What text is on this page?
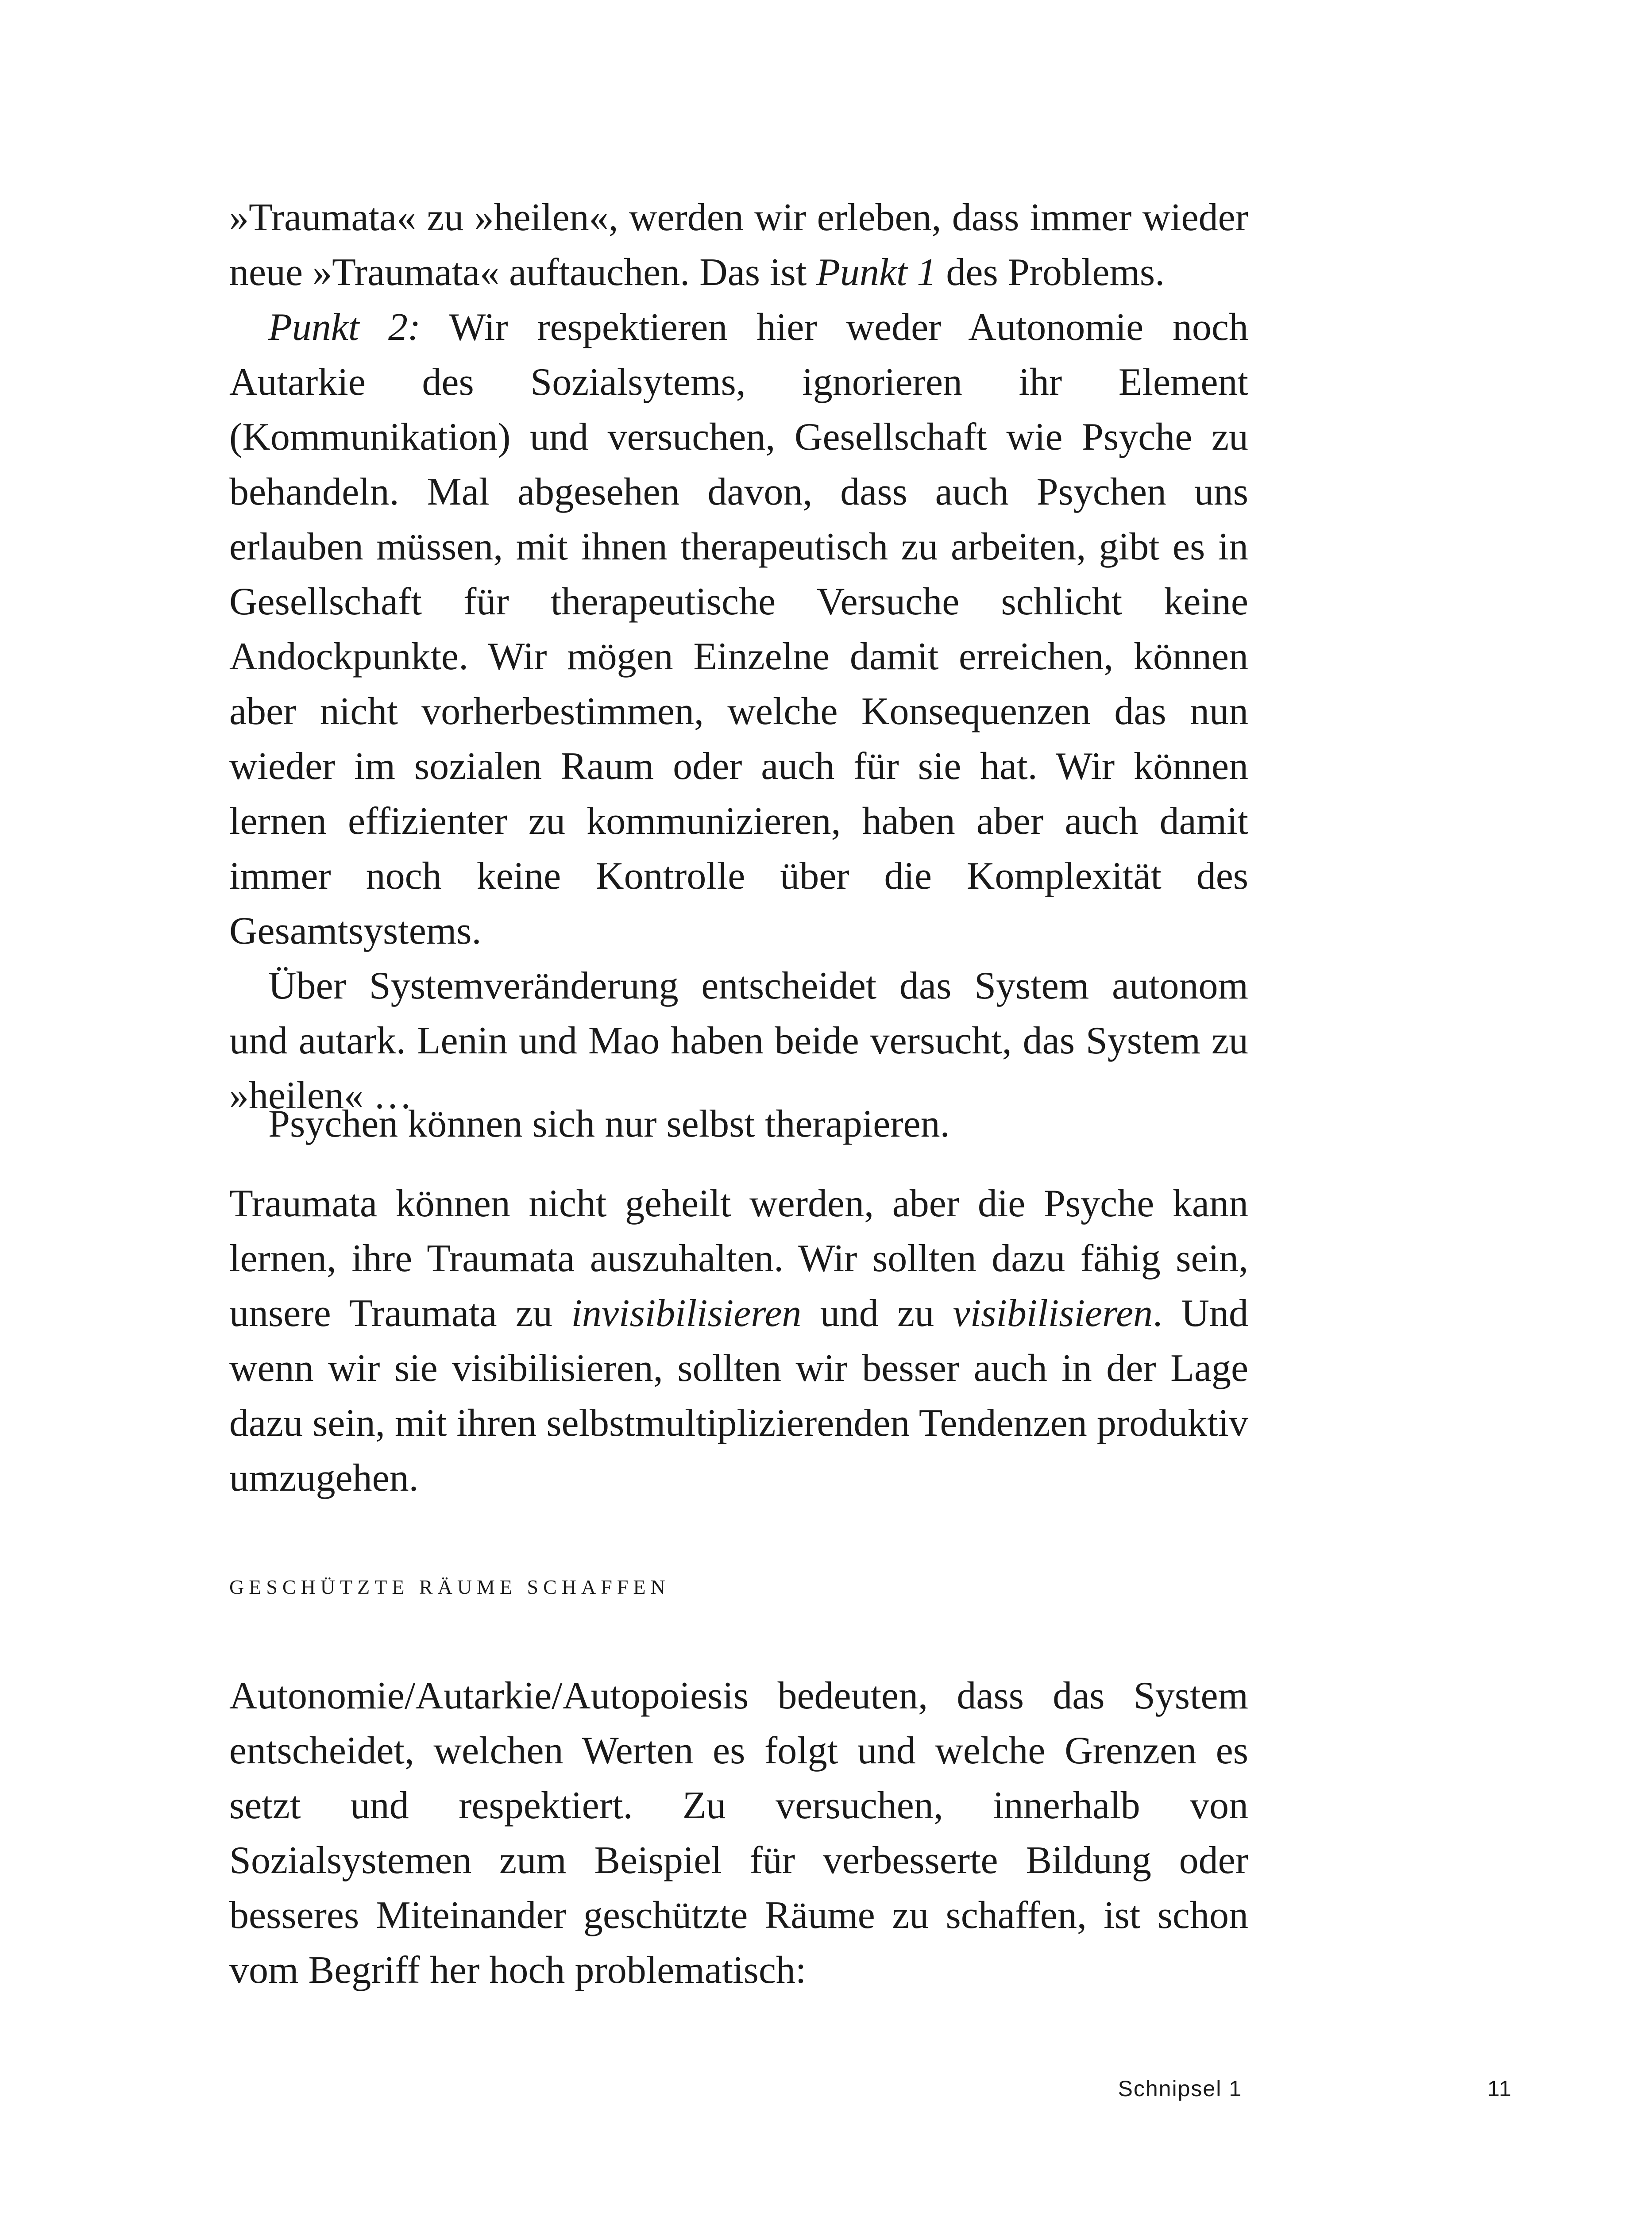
»Traumata« zu »heilen«, werden wir erleben, dass immer wieder neue »Traumata« auftauchen. Das ist Punkt 1 des Problems.

Punkt 2: Wir respektieren hier weder Autonomie noch Autarkie des Sozialsytems, ignorieren ihr Element (Kommunikation) und versuchen, Gesellschaft wie Psyche zu behandeln. Mal abgesehen davon, dass auch Psychen uns erlauben müssen, mit ihnen therapeutisch zu arbeiten, gibt es in Gesellschaft für therapeutische Versuche schlicht keine Andockpunkte. Wir mögen Einzelne damit erreichen, können aber nicht vorherbestimmen, welche Konsequenzen das nun wieder im sozialen Raum oder auch für sie hat. Wir können lernen effizienter zu kommunizieren, haben aber auch damit immer noch keine Kontrolle über die Komplexität des Gesamtsystems.

Über Systemveränderung entscheidet das System autonom und autark. Lenin und Mao haben beide versucht, das System zu »heilen« …

Psychen können sich nur selbst therapieren.

Traumata können nicht geheilt werden, aber die Psyche kann lernen, ihre Traumata auszuhalten. Wir sollten dazu fähig sein, unsere Traumata zu invisibilisieren und zu visibilisieren. Und wenn wir sie visibilisieren, sollten wir besser auch in der Lage dazu sein, mit ihren selbstmultiplizierenden Tendenzen produktiv umzugehen.

geschützte räume schaffen

Autonomie/Autarkie/Autopoiesis bedeuten, dass das System entscheidet, welchen Werten es folgt und welche Grenzen es setzt und respektiert. Zu versuchen, innerhalb von Sozialsystemen zum Beispiel für verbesserte Bildung oder besseres Miteinander geschützte Räume zu schaffen, ist schon vom Begriff her hoch problematisch:

Schnipsel 1	11
